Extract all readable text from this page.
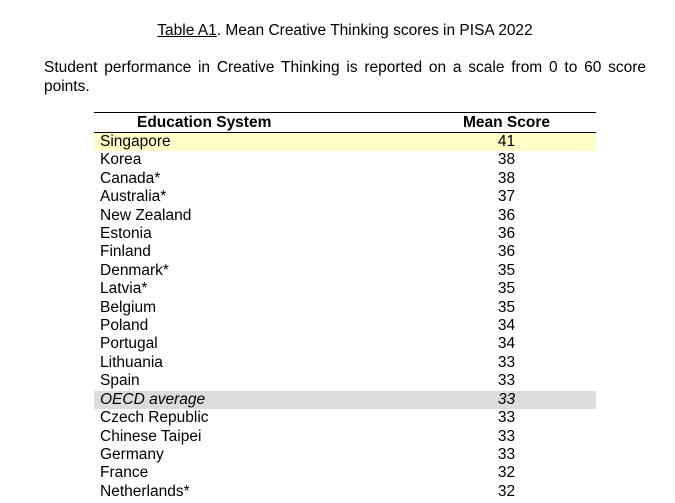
Table A1. Mean Creative Thinking scores in PISA 2022
Student performance in Creative Thinking is reported on a scale from 0 to 60 score points.
Education System	Mean Score
Singapore	41
Korea	38
Canada*	38
Australia*	37
New Zealand	36
Estonia	36
Finland	36
Denmark*	35
Latvia*	35
Belgium	35
Poland	34
Portugal	34
Lithuania	33
Spain	33
OECD average	33
Czech Republic	33
Chinese Taipei	33
Germany	33
France	32
Netherlands*	32
